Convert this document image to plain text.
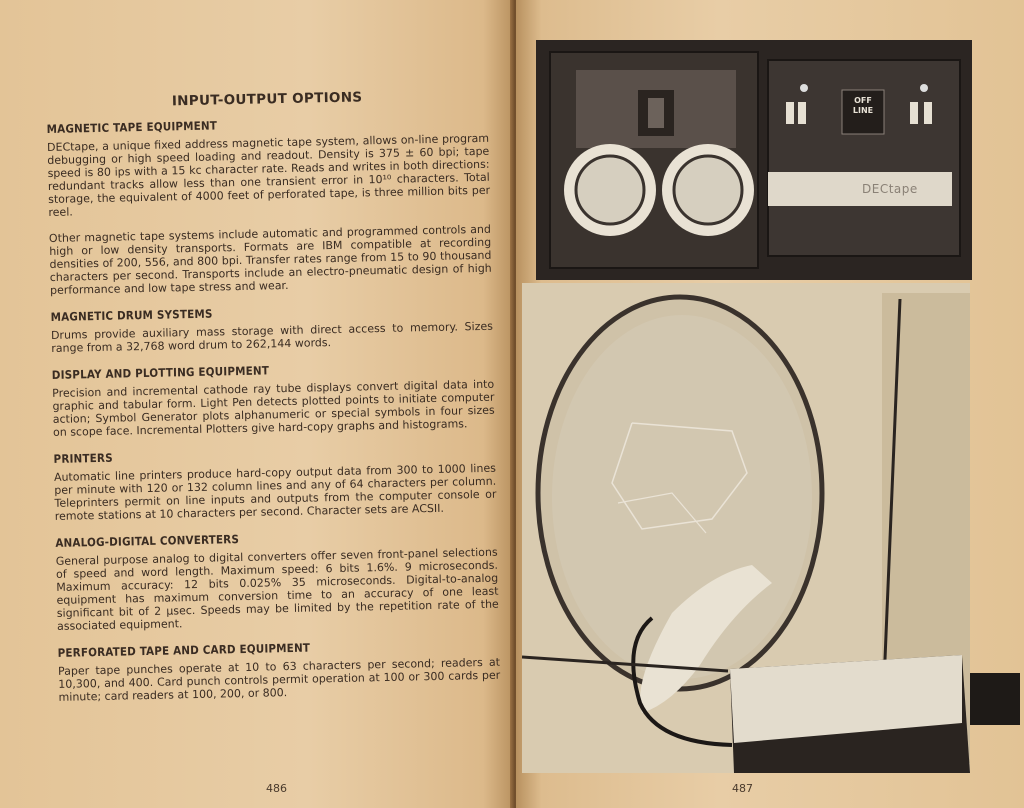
INPUT-OUTPUT OPTIONS
MAGNETIC TAPE EQUIPMENT

DECtape, a unique fixed address magnetic tape system, allows on-line program debugging or high speed loading and readout. Density is 375 ± 60 bpi; tape speed is 80 ips with a 15 kc character rate. Reads and writes in both directions: redundant tracks allow less than one transient error in 10¹⁰ characters. Total storage, the equivalent of 4000 feet of perforated tape, is three million bits per reel.

Other magnetic tape systems include automatic and programmed controls and high or low density transports. Formats are IBM compatible at recording densities of 200, 556, and 800 bpi. Transfer rates range from 15 to 90 thousand characters per second. Transports include an electro-pneumatic design of high performance and low tape stress and wear.

MAGNETIC DRUM SYSTEMS

Drums provide auxiliary mass storage with direct access to memory. Sizes range from a 32,768 word drum to 262,144 words.

DISPLAY AND PLOTTING EQUIPMENT

Precision and incremental cathode ray tube displays convert digital data into graphic and tabular form. Light Pen detects plotted points to initiate computer action; Symbol Generator plots alphanumeric or special symbols in four sizes on scope face. Incremental Plotters give hard-copy graphs and histograms.

PRINTERS

Automatic line printers produce hard-copy output data from 300 to 1000 lines per minute with 120 or 132 column lines and any of 64 characters per column. Teleprinters permit on line inputs and outputs from the computer console or remote stations at 10 characters per second. Character sets are ACSII.

ANALOG-DIGITAL CONVERTERS

General purpose analog to digital converters offer seven front-panel selections of speed and word length. Maximum speed: 6 bits 1.6%. 9 microseconds. Maximum accuracy: 12 bits 0.025% 35 microseconds. Digital-to-analog equipment has maximum conversion time to an accuracy of one least significant bit of 2 μsec. Speeds may be limited by the repetition rate of the associated equipment.

PERFORATED TAPE AND CARD EQUIPMENT

Paper tape punches operate at 10 to 63 characters per second; readers at 10,300, and 400. Card punch controls permit operation at 100 or 300 cards per minute; card readers at 100, 200, or 800.

486
OFF
LINE
DECtape
487
